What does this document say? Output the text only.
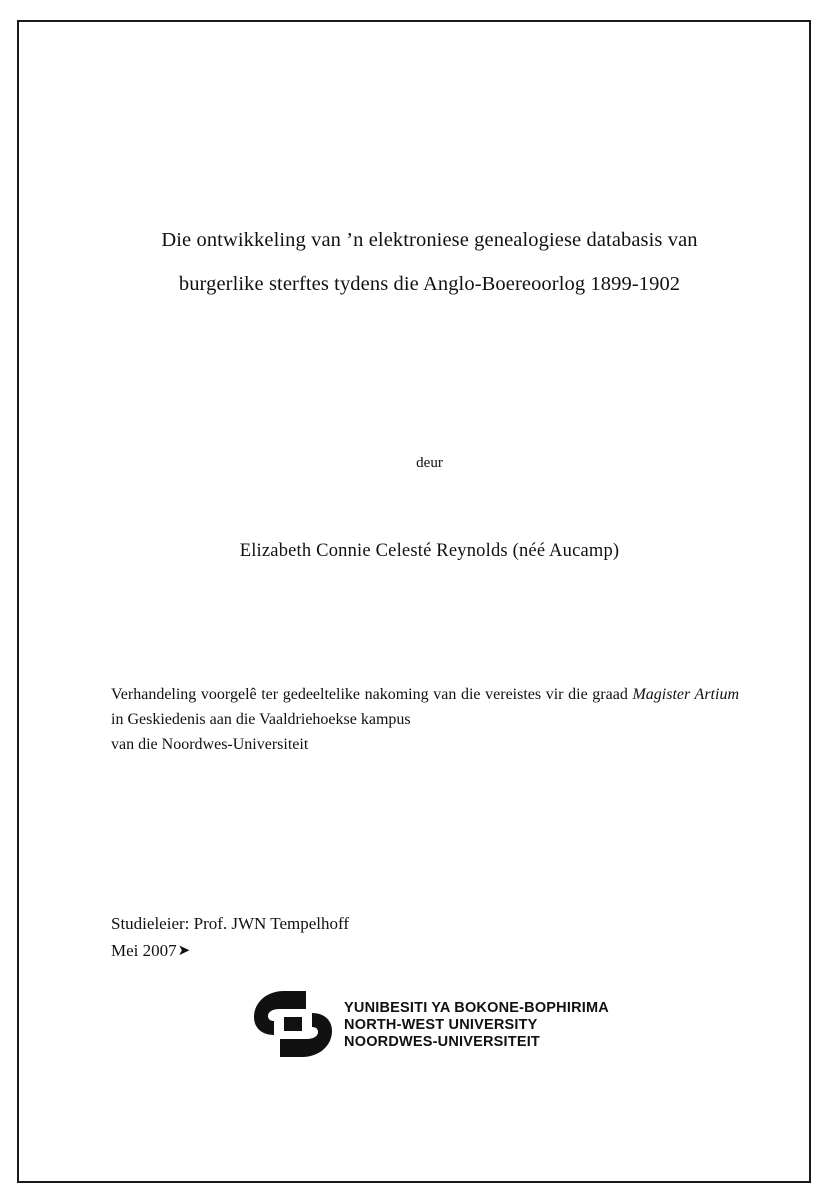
Die ontwikkeling van ’n elektroniese genealogiese databasis van
burgerlike sterftes tydens die Anglo-Boereoorlog 1899-1902
deur
Elizabeth Connie Celesté Reynolds (néé Aucamp)
Verhandeling voorgelê ter gedeeltelike nakoming van die vereistes vir die graad Magister Artium in Geskiedenis aan die Vaaldriehoekse kampus
van die Noordwes-Universiteit
Studieleier: Prof. JWN Tempelhoff
Mei 2007➤
YUNIBESITI YA BOKONE-BOPHIRIMA
NORTH-WEST UNIVERSITY
NOORDWES-UNIVERSITEIT
